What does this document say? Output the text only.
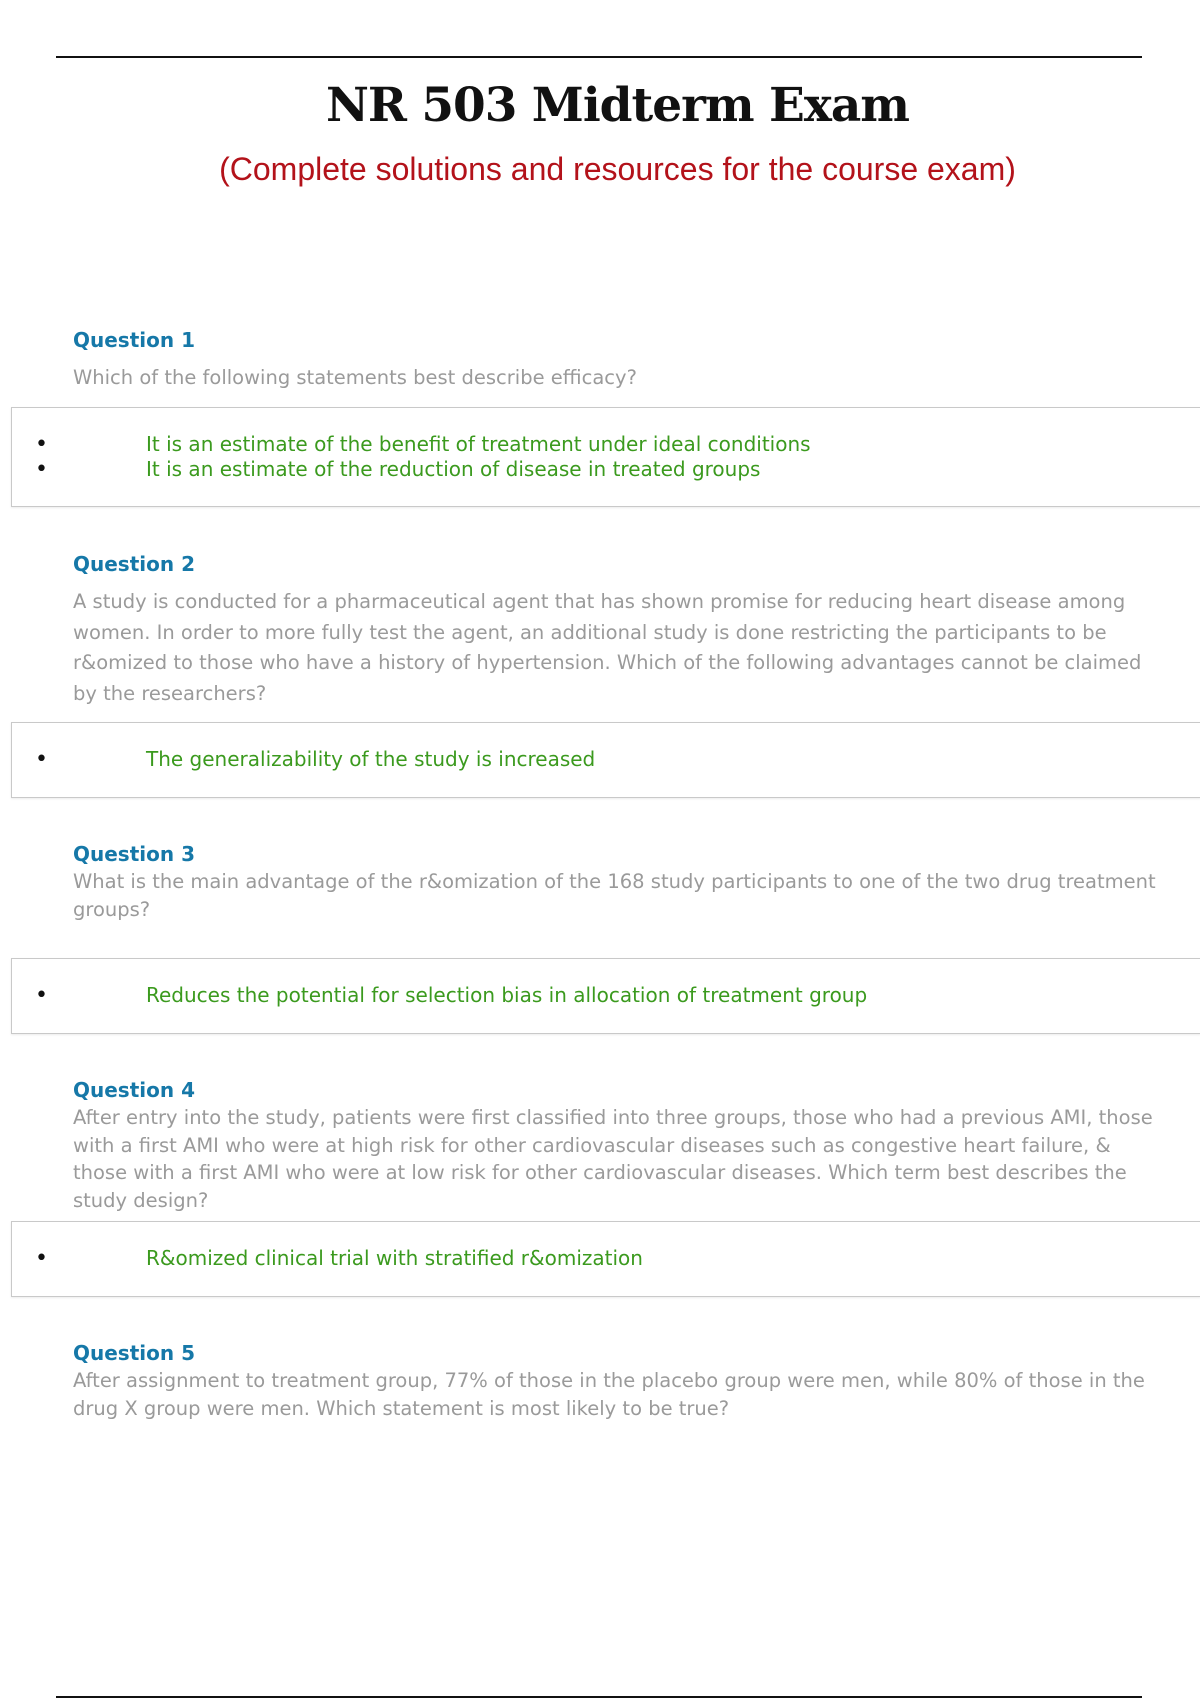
NR 503 Midterm Exam
(Complete solutions and resources for the course exam)
Question 1
Which of the following statements best describe efficacy?
•	It is an estimate of the benefit of treatment under ideal conditions
•	It is an estimate of the reduction of disease in treated groups
Question 2
A study is conducted for a pharmaceutical agent that has shown promise for reducing heart disease among women. In order to more fully test the agent, an additional study is done restricting the participants to be r&omized to those who have a history of hypertension. Which of the following advantages cannot be claimed by the researchers?
•	The generalizability of the study is increased
Question 3
What is the main advantage of the r&omization of the 168 study participants to one of the two drug treatment groups?
•	Reduces the potential for selection bias in allocation of treatment group
Question 4
After entry into the study, patients were first classified into three groups, those who had a previous AMI, those with a first AMI who were at high risk for other cardiovascular diseases such as congestive heart failure, & those with a first AMI who were at low risk for other cardiovascular diseases. Which term best describes the study design?
•	R&omized clinical trial with stratified r&omization
Question 5
After assignment to treatment group, 77% of those in the placebo group were men, while 80% of those in the drug X group were men. Which statement is most likely to be true?
